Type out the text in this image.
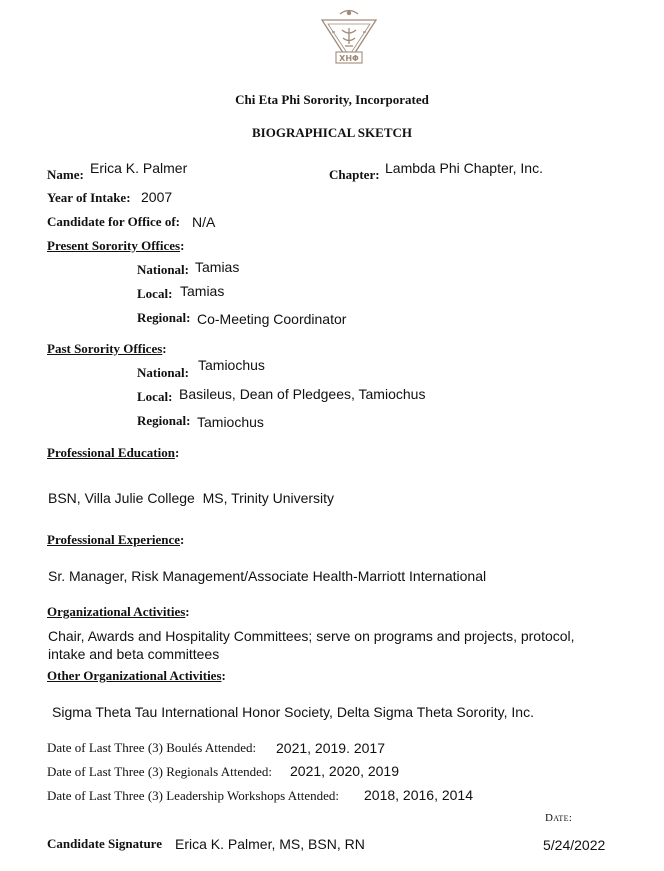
XHΦ
Chi Eta Phi Sorority, Incorporated
BIOGRAPHICAL SKETCH
Name: Erica K. Palmer	Chapter: Lambda Phi Chapter, Inc.
Year of Intake: 2007
Candidate for Office of: N/A
Present Sorority Offices:
National: Tamias
Local: Tamias
Regional: Co-Meeting Coordinator
Past Sorority Offices:
National: Tamiochus
Local: Basileus, Dean of Pledgees, Tamiochus
Regional: Tamiochus
Professional Education:
BSN, Villa Julie College  MS, Trinity University
Professional Experience:
Sr. Manager, Risk Management/Associate Health-Marriott International
Organizational Activities:
Chair, Awards and Hospitality Committees; serve on programs and projects, protocol,
intake and beta committees
Other Organizational Activities:
Sigma Theta Tau International Honor Society, Delta Sigma Theta Sorority, Inc.
Date of Last Three (3) Boulés Attended: 2021, 2019. 2017
Date of Last Three (3) Regionals Attended: 2021, 2020, 2019
Date of Last Three (3) Leadership Workshops Attended: 2018, 2016, 2014
Date:
Candidate Signature Erica K. Palmer, MS, BSN, RN	5/24/2022
